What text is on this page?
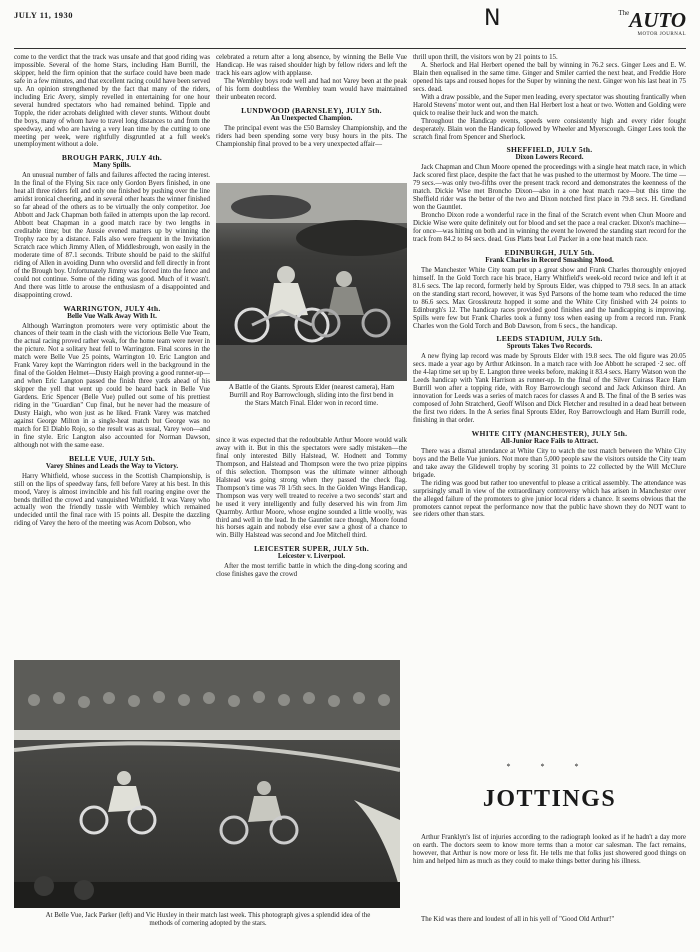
JULY 11, 1930	N	$^{The}$AUTO
MOTOR JOURNAL

come to the verdict that the track was unsafe and that good riding was impossible. Several of the home Stars, including Ham Burrill, the skipper, held the firm opinion that the surface could have been made safe in a few minutes, and that excellent racing could have been served up. An opinion strengthened by the fact that many of the riders, including Eric Avery, simply revelled in entertaining for one hour several hundred spectators who had remained behind. Tipple and Topple, the rider acrobats delighted with clever stunts. Without doubt the boys, many of whom have to travel long distances to and from the speedway, and who are having a very lean time by the cutting to one meeting per week, were rightfully disgruntled at a full week's unemployment without a dole.

BROUGH PARK, JULY 4th.
Many Spills.

An unusual number of falls and failures affected the racing interest. In the final of the Flying Six race only Gordon Byers finished, in one heat all three riders fell and only one finished by pushing over the line amidst ironical cheering, and in several other heats the winner finished so far ahead of the others as to be virtually the only competitor. Joe Abbott and Jack Chapman both failed in attempts upon the lap record. Abbott beat Chapman in a good match race by two lengths in creditable time; but the Aussie evened matters up by winning the Trophy race by a distance. Falls also were frequent in the Invitation Scratch race which Jimmy Allen, of Middlesbrough, won easily in the moderate time of 87.1 seconds. Tribute should be paid to the skilful riding of Allen in avoiding Dunn who overslid and fell directly in front of the Brough boy. Unfortunately Jimmy was forced into the fence and could not continue. Some of the riding was good. Much of it wasn't. And there was little to arouse the enthusiasm of a disappointed and disappointing crowd.

WARRINGTON, JULY 4th.
Belle Vue Walk Away With It.

Although Warrington promoters were very optimistic about the chances of their team in the clash with the victorious Belle Vue Team, the actual racing proved rather weak, for the home team were never in the picture. Not a solitary heat fell to Warrington. Final scores in the match were Belle Vue 25 points, Warrington 10. Eric Langton and Frank Varey kept the Warrington riders well in the background in the final of the Golden Helmet—Dusty Haigh proving a good runner-up—and when Eric Langton passed the finish three yards ahead of his skipper the yell that went up could be heard back in Belle Vue Gardens. Eric Spencer (Belle Vue) pulled out some of his prettiest riding in the "Guardian" Cup final, but he never had the measure of Dusty Haigh, who won just as he liked. Frank Varey was matched against George Milton in a single-heat match but George was no match for El Diablo Rojo, so the result was as usual, Varey won—and in fine style. Eric Langton also accounted for Norman Dawson, although not with the same ease.

BELLE VUE, JULY 5th.
Varey Shines and Leads the Way to Victory.

Harry Whitfield, whose success in the Scottish Championship, is still on the lips of speedway fans, fell before Varey at his best. In this mood, Varey is almost invincible and his full roaring engine over the bends thrilled the crowd and vanquished Whitfield. It was Varey who actually won the friendly tussle with Wembley which remained undecided until the final race with 15 points all. Despite the dazzling riding of Varey the hero of the meeting was Acorn Dobson, who

celebrated a return after a long absence, by winning the Belle Vue Handicap. He was raised shoulder high by fellow riders and left the track his ears aglow with applause.

The Wembley boys rode well and had not Varey been at the peak of his form doubtless the Wembley team would have maintained their unbeaten record.

LUNDWOOD (BARNSLEY), JULY 5th.
An Unexpected Champion.

The principal event was the £50 Barnsley Championship, and the riders had been spending some very busy hours in the pits. The Championship final proved to be a very unexpected affair—

A Battle of the Giants. Sprouts Elder (nearest camera), Ham Burrill and Roy Barrowclough, sliding into the first bend in the Stars Match Final. Elder won in record time.

since it was expected that the redoubtable Arthur Moore would walk away with it. But in this the spectators were sadly mistaken—the final only interested Billy Halstead, W. Hodnett and Tommy Thompson, and Halstead and Thompson were the two prize pippins of this selection. Thompson was the ultimate winner although Halstead was going strong when they passed the check flag. Thompson's time was 78 1/5th secs. In the Golden Wings Handicap, Thompson was very well treated to receive a two seconds' start and he used it very intelligently and fully deserved his win from Jim Quarmby. Arthur Moore, whose engine sounded a little woolly, was third and well in the lead. In the Gauntlet race though, Moore found his horses again and nobody else ever saw a ghost of a chance to win. Billy Halstead was second and Joe Mitchell third.

LEICESTER SUPER, JULY 5th.
Leicester v. Liverpool.

After the most terrific battle in which the ding-dong scoring and close finishes gave the crowd

thrill upon thrill, the visitors won by 21 points to 15.

A. Sherlock and Hal Herbert opened the ball by winning in 76.2 secs. Ginger Lees and E. W. Blain then equalised in the same time. Ginger and Smiler carried the next heat, and Freddie Hore opened his taps and roused hopes for the Super by winning the next. Ginger won his last heat in 75 secs. dead.

With a draw possible, and the Super men leading, every spectator was shouting frantically when Harold Stevens' motor went out, and then Hal Herbert lost a heat or two. Wotten and Golding were quick to realise their luck and won the match.

Throughout the Handicap events, speeds were consistently high and every rider fought desperately. Blain won the Handicap followed by Wheeler and Myerscough. Ginger Lees took the scratch final from Spencer and Sherlock.

SHEFFIELD, JULY 5th.
Dixon Lowers Record.

Jack Chapman and Chun Moore opened the proceedings with a single heat match race, in which Jack scored first place, despite the fact that he was pushed to the uttermost by Moore. The time —79 secs.—was only two-fifths over the present track record and demonstrates the keenness of the match. Dickie Wise met Broncho Dixon—also in a one heat match race—but this time the Sheffield rider was the better of the two and Dixon notched first place in 79.8 secs. H. Gredland won the Gauntlet.

Broncho Dixon rode a wonderful race in the final of the Scratch event when Chun Moore and Dickie Wise were quite definitely out for blood and set the pace a real cracker. Dixon's machine—for once—was hitting on both and in winning the event he lowered the standing start record for the track from 84.2 to 84 secs. dead. Gus Platts beat Lol Packer in a one heat match race.

EDINBURGH, JULY 5th.
Frank Charles in Record Smashing Mood.

The Manchester White City team put up a great show and Frank Charles thoroughly enjoyed himself. In the Gold Torch race his brace, Harry Whitfield's week-old record twice and left it at 81.6 secs. The lap record, formerly held by Sprouts Elder, was chipped to 79.8 secs. In an attack on the standing start record, however, it was Syd Parsons of the home team who reduced the time to 86.6 secs. Max Grosskreutz hopped it some and the White City finished with 24 points to Edinburgh's 12. The handicap races provided good finishes and the handicapping is improving. Spills were few but Frank Charles took a funny toss when easing up from a record run. Frank Charles won the Gold Torch and Bob Dawson, from 6 secs., the handicap.

LEEDS STADIUM, JULY 5th.
Sprouts Takes Two Records.

A new flying lap record was made by Sprouts Elder with 19.8 secs. The old figure was 20.05 secs. made a year ago by Arthur Atkinson. In a match race with Joe Abbott he scraped ·2 sec. off the 4-lap time set up by E. Langton three weeks before, making it 83.4 secs. Harry Watson won the Leeds handicap with Yank Harrison as runner-up. In the final of the Silver Cuirass Race Ham Burrill won after a topping ride, with Roy Barrowclough second and Jack Atkinson third. An innovation for Leeds was a series of match races for classes A and B. The final of the B series was composed of John Stratcherd, Geoff Wilson and Dick Fletcher and resulted in a dead heat between the first two riders. In the A series final Sprouts Elder, Roy Barrowclough and Ham Burrill rode, finishing in that order.

WHITE CITY (MANCHESTER), JULY 5th.
All-Junior Race Fails to Attract.

There was a dismal attendance at White City to watch the test match between the White City boys and the Belle Vue juniors. Not more than 5,000 people saw the visitors outside the City team and take away the Glidewell trophy by scoring 31 points to 22 collected by the Will McClure brigade.

The riding was good but rather too uneventful to please a critical assembly. The attendance was surprisingly small in view of the extraordinary controversy which has arisen in Manchester over the alleged failure of the promoters to give junior local riders a chance. It seems obvious that the promoters cannot repeat the performance now that the public have shown they do NOT want to see riders other than stars.

* * *
JOTTINGS

Arthur Franklyn's list of injuries according to the radiograph looked as if he hadn't a day more on earth. The doctors seem to know more terms than a motor car salesman. The fact remains, however, that Arthur is now more or less fit. He tells me that folks just showered good things on him and helped him as much as they could to make things better during his illness.

The Kid was there and loudest of all in his yell of "Good Old Arthur!"
At Belle Vue, Jack Parker (left) and Vic Huxley in their match last week. This photograph gives a splendid idea of the methods of cornering adopted by the stars.
